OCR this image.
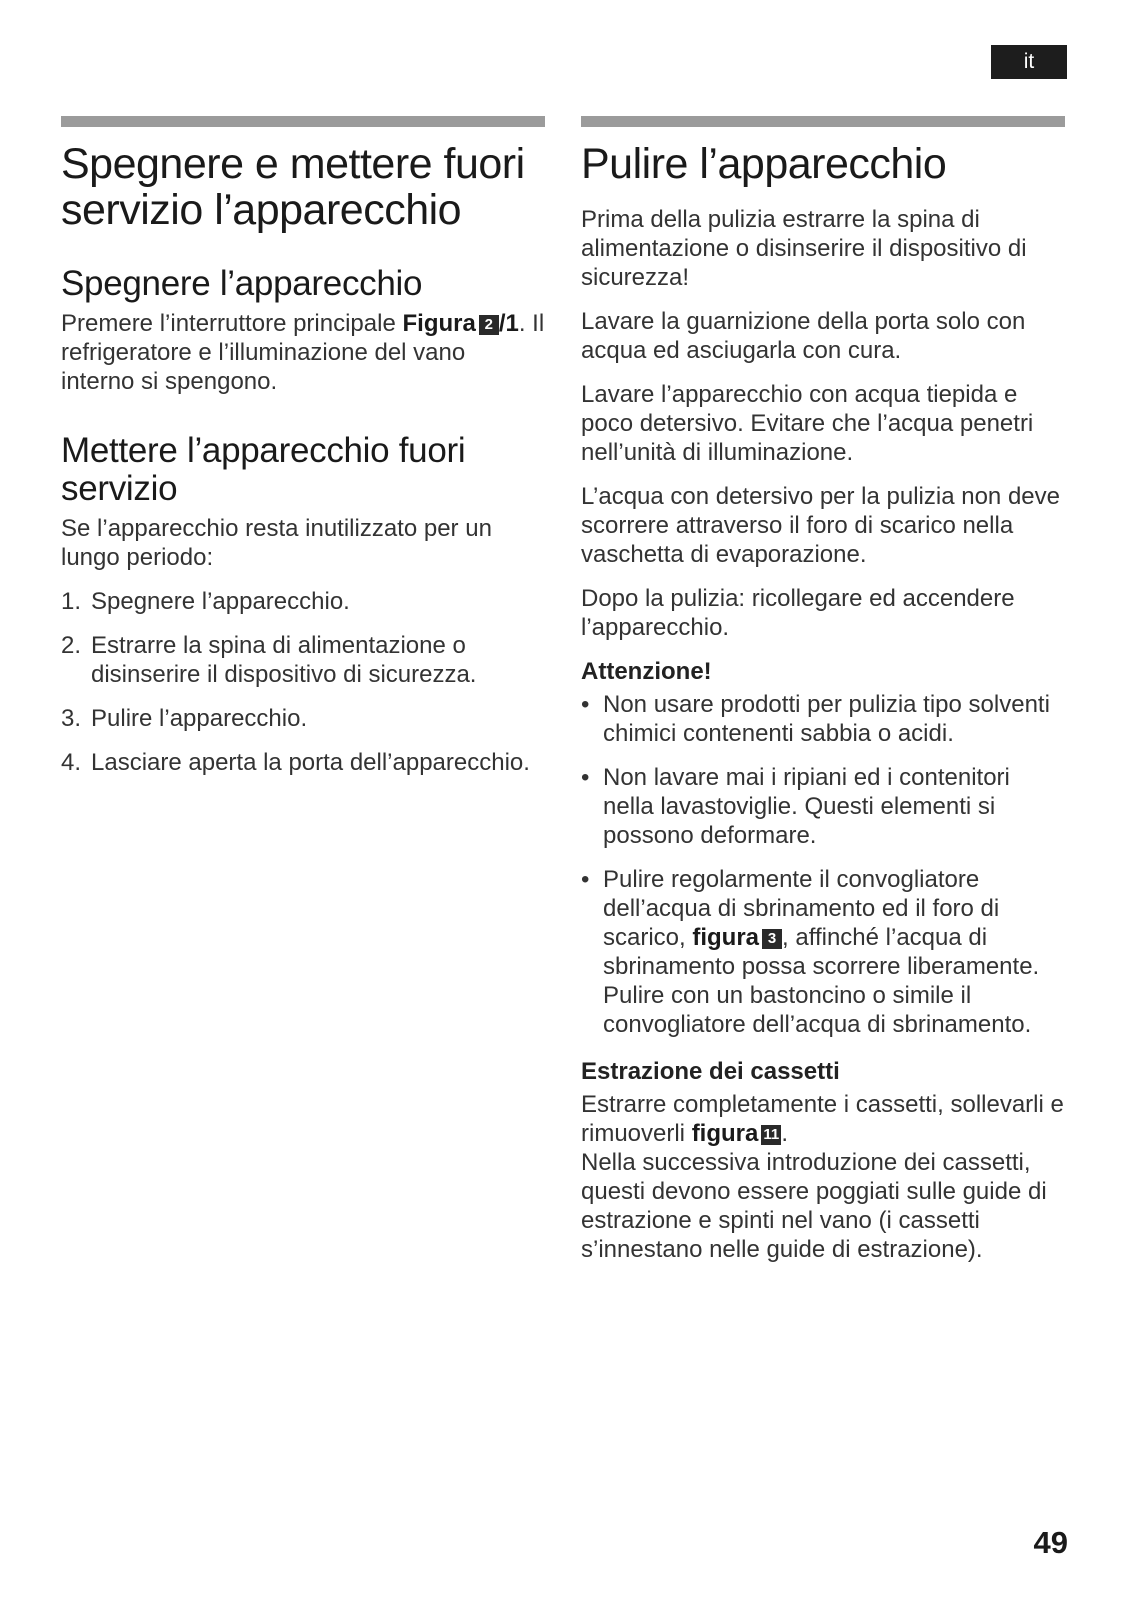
it
Spegnere e mettere fuori servizio l’apparecchio
Spegnere l’apparecchio

Premere l’interruttore principale Figura 2 /1. Il refrigeratore e l’illuminazione del vano interno si spengono.

Mettere l’apparecchio fuori servizio

Se l’apparecchio resta inutilizzato per un lungo periodo:

1. Spegnere l’apparecchio.
2. Estrarre la spina di alimentazione o disinserire il dispositivo di sicurezza.
3. Pulire l’apparecchio.
4. Lasciare aperta la porta dell’apparecchio.
Pulire l’apparecchio

Prima della pulizia estrarre la spina di alimentazione o disinserire il dispositivo di sicurezza!

Lavare la guarnizione della porta solo con acqua ed asciugarla con cura.

Lavare l’apparecchio con acqua tiepida e poco detersivo. Evitare che l’acqua penetri nell’unità di illuminazione.

L’acqua con detersivo per la pulizia non deve scorrere attraverso il foro di scarico nella vaschetta di evaporazione.

Dopo la pulizia: ricollegare ed accendere l’apparecchio.

Attenzione!
• Non usare prodotti per pulizia tipo solventi chimici contenenti sabbia o acidi.
• Non lavare mai i ripiani ed i contenitori nella lavastoviglie. Questi elementi si possono deformare.
• Pulire regolarmente il convogliatore dell’acqua di sbrinamento ed il foro di scarico, figura 3 , affinché l’acqua di sbrinamento possa scorrere liberamente. Pulire con un bastoncino o simile il convogliatore dell’acqua di sbrinamento.
Estrazione dei cassetti

Estrarre completamente i cassetti, sollevarli e rimuoverli figura 11.

Nella successiva introduzione dei cassetti, questi devono essere poggiati sulle guide di estrazione e spinti nel vano (i cassetti s’innestano nelle guide di estrazione).

49
